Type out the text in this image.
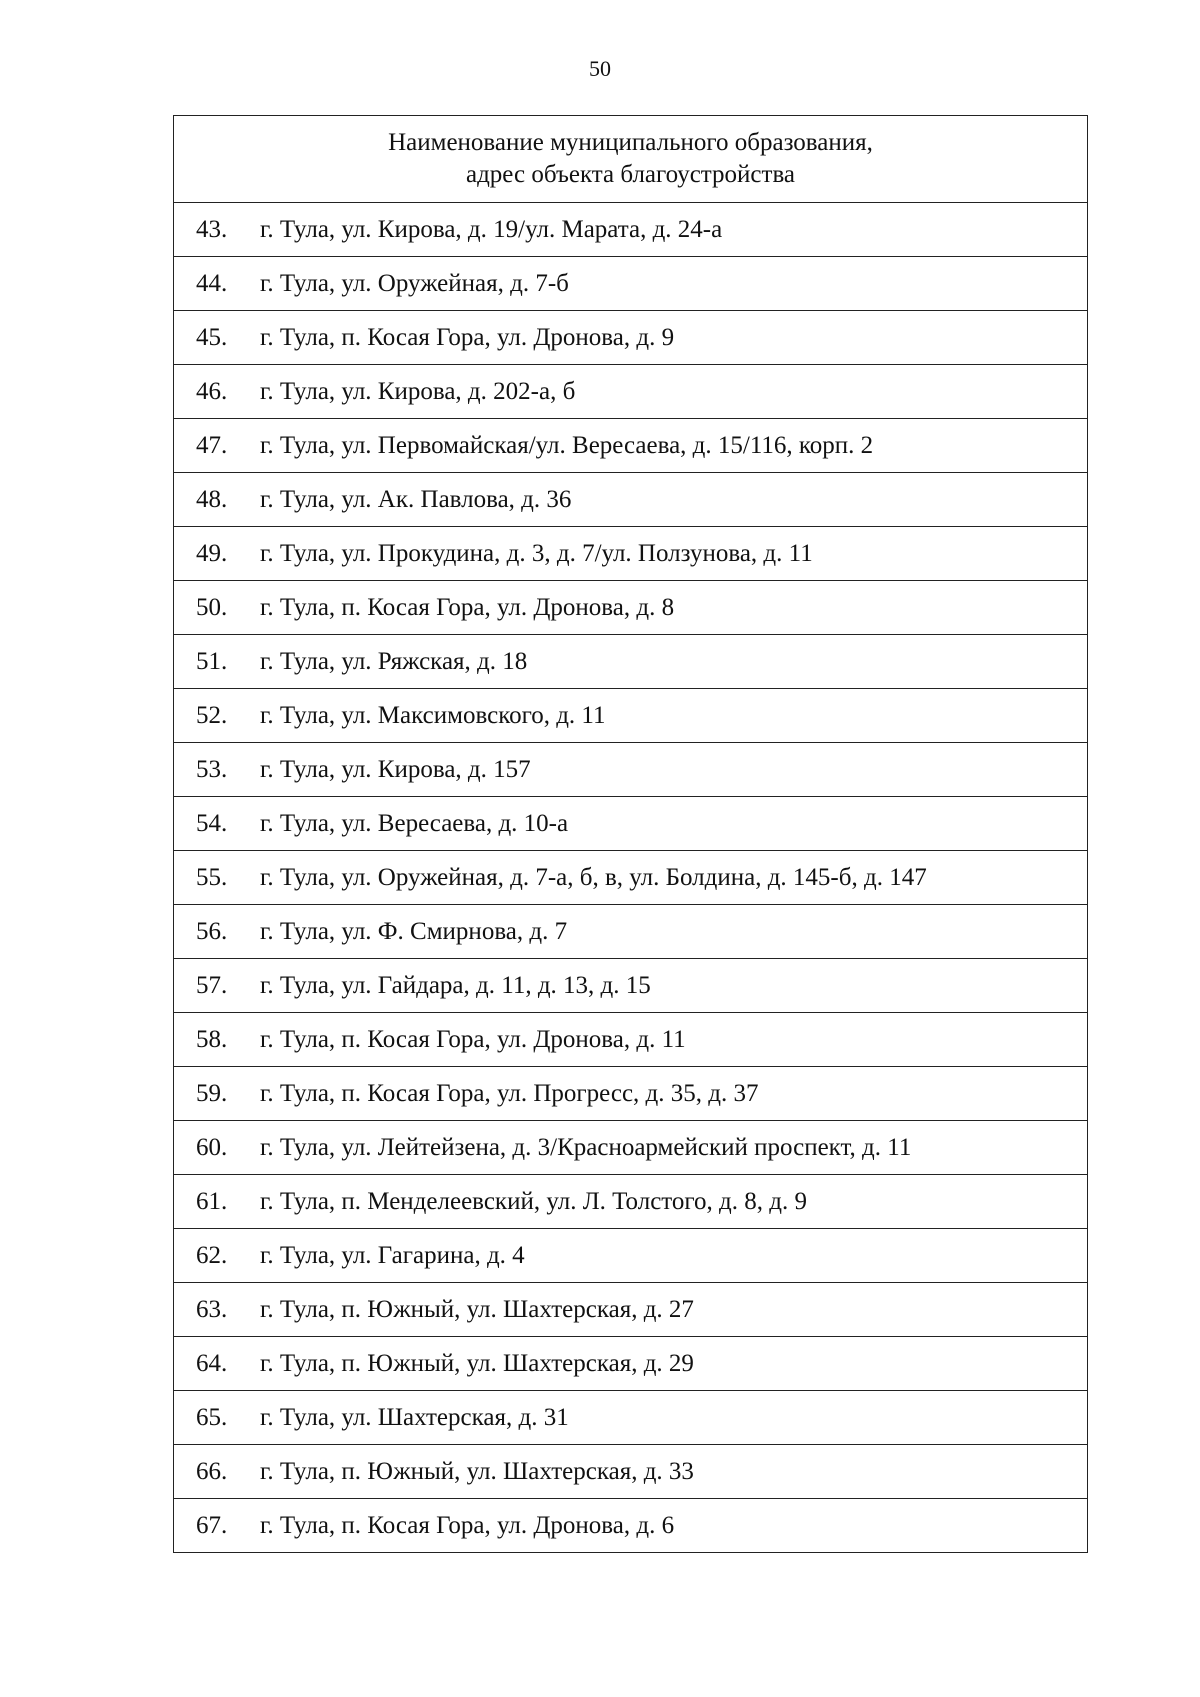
50
Наименование муниципального образования,
адрес объекта благоустройства

43.	г. Тула, ул. Кирова, д. 19/ул. Марата, д. 24-а

44.	г. Тула, ул. Оружейная, д. 7-б

45.	г. Тула, п. Косая Гора, ул. Дронова, д. 9

46.	г. Тула, ул. Кирова, д. 202-а, б

47.	г. Тула, ул. Первомайская/ул. Вересаева, д. 15/116, корп. 2

48.	г. Тула, ул. Ак. Павлова, д. 36

49.	г. Тула, ул. Прокудина, д. 3, д. 7/ул. Ползунова, д. 11

50.	г. Тула, п. Косая Гора, ул. Дронова, д. 8

51.	г. Тула, ул. Ряжская, д. 18

52.	г. Тула, ул. Максимовского, д. 11

53.	г. Тула, ул. Кирова, д. 157

54.	г. Тула, ул. Вересаева, д. 10-а

55.	г. Тула, ул. Оружейная, д. 7-а, б, в, ул. Болдина, д. 145-б, д. 147

56.	г. Тула, ул. Ф. Смирнова, д. 7

57.	г. Тула, ул. Гайдара, д. 11, д. 13, д. 15

58.	г. Тула, п. Косая Гора, ул. Дронова, д. 11

59.	г. Тула, п. Косая Гора, ул. Прогресс, д. 35, д. 37

60.	г. Тула, ул. Лейтейзена, д. 3/Красноармейский проспект, д. 11

61.	г. Тула, п. Менделеевский, ул. Л. Толстого, д. 8, д. 9

62.	г. Тула, ул. Гагарина, д. 4

63.	г. Тула, п. Южный, ул. Шахтерская, д. 27

64.	г. Тула, п. Южный, ул. Шахтерская, д. 29

65.	г. Тула, ул. Шахтерская, д. 31

66.	г. Тула, п. Южный, ул. Шахтерская, д. 33

67.	г. Тула, п. Косая Гора, ул. Дронова, д. 6
